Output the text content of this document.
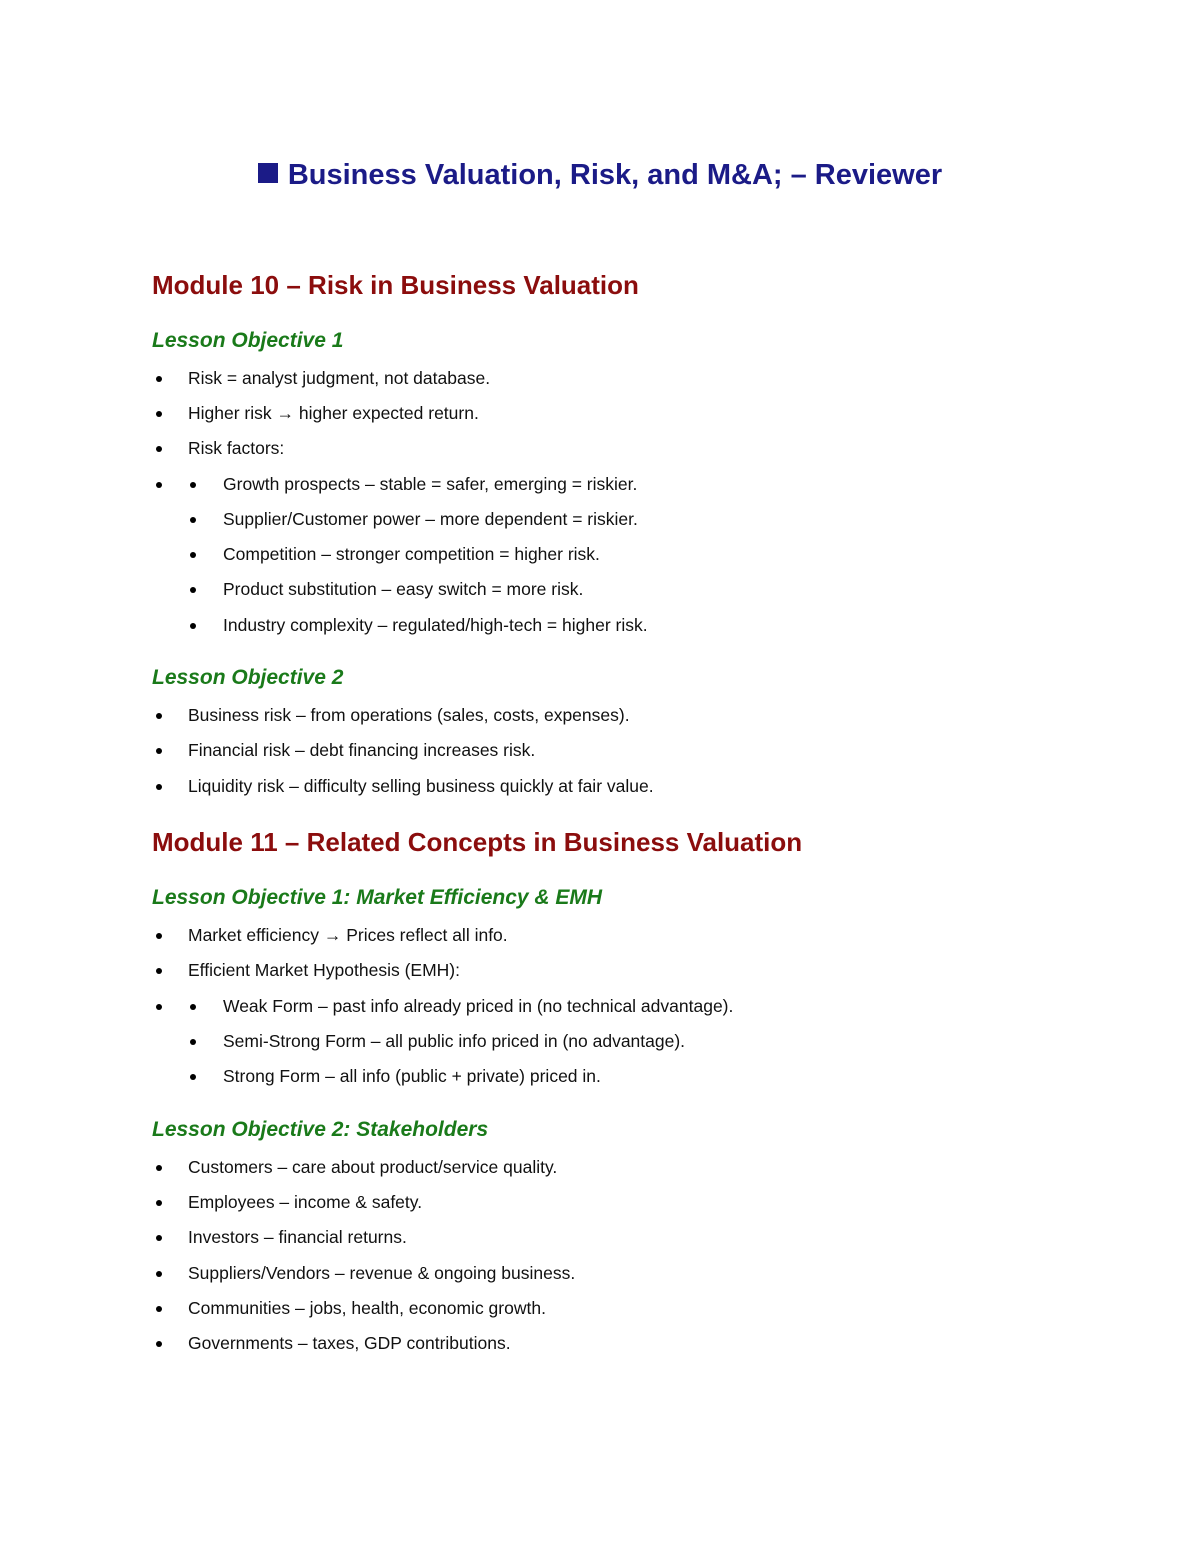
Business Valuation, Risk, and M&A; – Reviewer
Module 10 – Risk in Business Valuation
Lesson Objective 1
Risk = analyst judgment, not database.
Higher risk → higher expected return.
Risk factors:
Growth prospects – stable = safer, emerging = riskier.
Supplier/Customer power – more dependent = riskier.
Competition – stronger competition = higher risk.
Product substitution – easy switch = more risk.
Industry complexity – regulated/high-tech = higher risk.
Lesson Objective 2
Business risk – from operations (sales, costs, expenses).
Financial risk – debt financing increases risk.
Liquidity risk – difficulty selling business quickly at fair value.
Module 11 – Related Concepts in Business Valuation
Lesson Objective 1: Market Efficiency & EMH
Market efficiency → Prices reflect all info.
Efficient Market Hypothesis (EMH):
Weak Form – past info already priced in (no technical advantage).
Semi-Strong Form – all public info priced in (no advantage).
Strong Form – all info (public + private) priced in.
Lesson Objective 2: Stakeholders
Customers – care about product/service quality.
Employees – income & safety.
Investors – financial returns.
Suppliers/Vendors – revenue & ongoing business.
Communities – jobs, health, economic growth.
Governments – taxes, GDP contributions.
